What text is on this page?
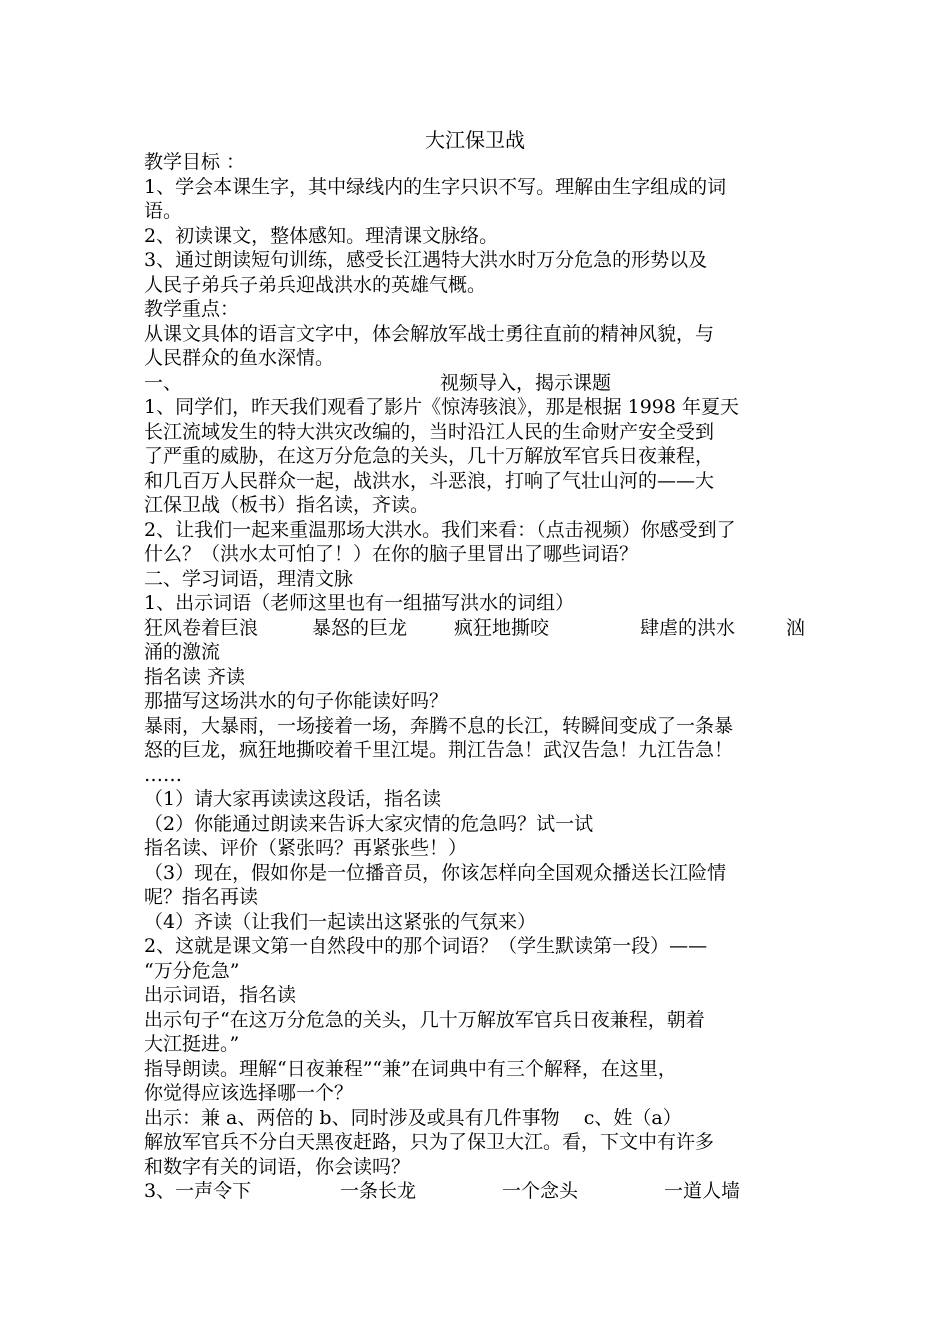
大江保卫战
教学目标 ：
1、学会本课生字，其中绿线内的生字只识不写。理解由生字组成的词
语。
2、初读课文，整体感知。理清课文脉络。
3、通过朗读短句训练，感受长江遇特大洪水时万分危急的形势以及
人民子弟兵子弟兵迎战洪水的英雄气概。
教学重点：
从课文具体的语言文字中，体会解放军战士勇往直前的精神风貌，与
人民群众的鱼水深情。
一、	视频导入，揭示课题
1、同学们，昨天我们观看了影片《惊涛骇浪》，那是根据 1998 年夏天
长江流域发生的特大洪灾改编的，当时沿江人民的生命财产安全受到
了严重的威胁，在这万分危急的关头，几十万解放军官兵日夜兼程，
和几百万人民群众一起，战洪水，斗恶浪，打响了气壮山河的——大
江保卫战（板书）指名读，齐读。
2、让我们一起来重温那场大洪水。我们来看：（点击视频）你感受到了
什么？（洪水太可怕了！）在你的脑子里冒出了哪些词语？
二、学习词语，理清文脉
1、出示词语（老师这里也有一组描写洪水的词组）
狂风卷着巨浪	暴怒的巨龙 疯狂地撕咬	肆虐的洪水	汹
涌的激流
指名读 齐读
那描写这场洪水的句子你能读好吗？
暴雨，大暴雨，一场接着一场，奔腾不息的长江，转瞬间变成了一条暴
怒的巨龙，疯狂地撕咬着千里江堤。荆江告急！武汉告急！九江告急！
……
（1）请大家再读读这段话，指名读
（2）你能通过朗读来告诉大家灾情的危急吗？试一试
指名读、评价（紧张吗？再紧张些！）
（3）现在，假如你是一位播音员，你该怎样向全国观众播送长江险情
呢？指名再读
（4）齐读（让我们一起读出这紧张的气氛来）
2、这就是课文第一自然段中的那个词语？（学生默读第一段）——
“万分危急”
出示词语，指名读
出示句子“在这万分危急的关头，几十万解放军官兵日夜兼程，朝着
大江挺进。”
指导朗读。理解“日夜兼程”“兼”在词典中有三个解释，在这里，
你觉得应该选择哪一个？
出示：兼 a、两倍的 b、同时涉及或具有几件事物    c、姓（a）
解放军官兵不分白天黑夜赶路，只为了保卫大江。看，下文中有许多
和数字有关的词语，你会读吗？
3、一声令下	一条长龙	一个念头	一道人墙
